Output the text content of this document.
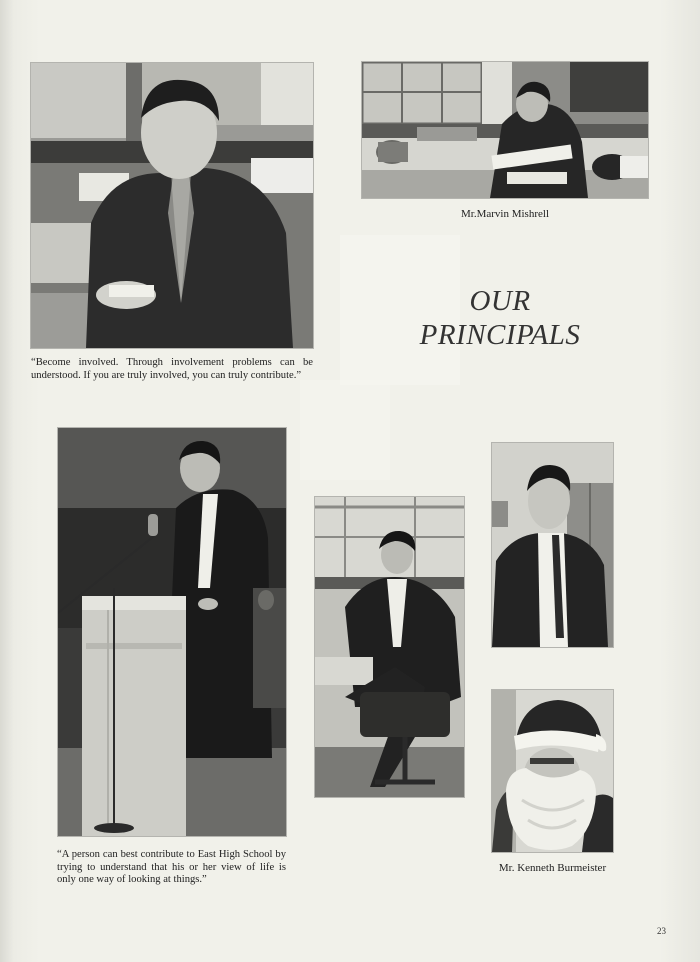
Mr.Marvin Mishrell
OUR
PRINCIPALS
“Become involved. Through involvement problems can be understood. If you are truly involved, you can truly contribute.”
“A person can best contribute to East High School by trying to understand that his or her view of life is only one way of looking at things.”
Mr. Kenneth Burmeister
23
